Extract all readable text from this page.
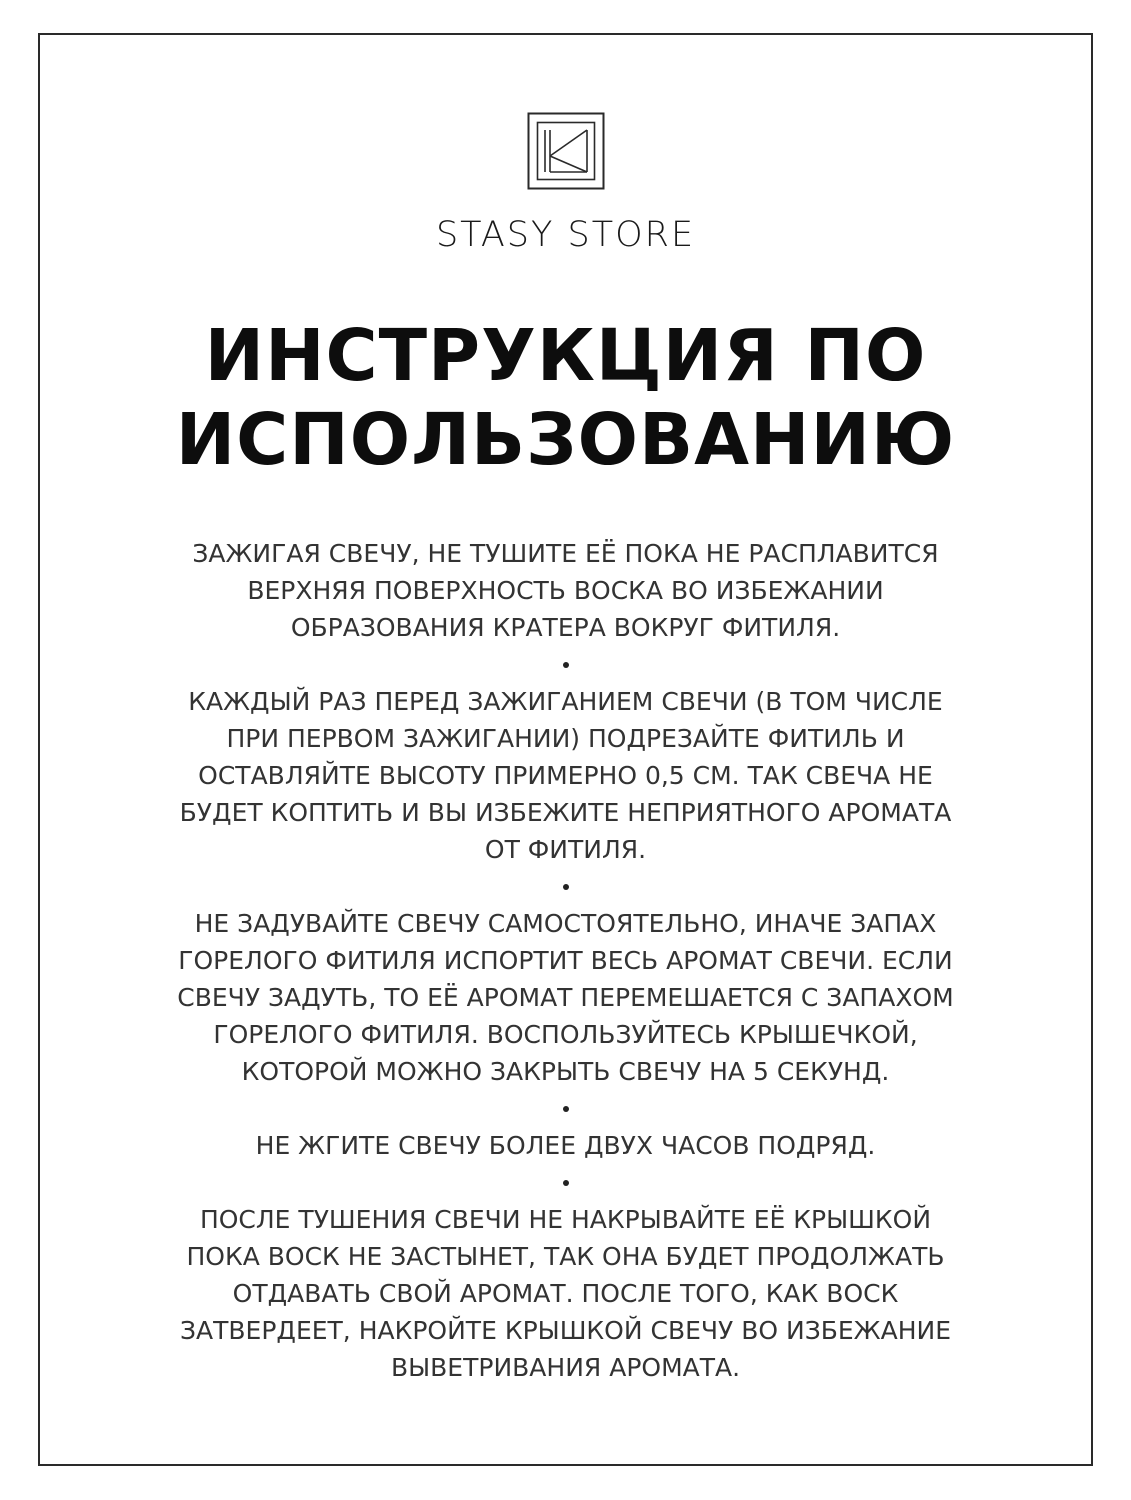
STASY STORE
ИНСТРУКЦИЯ ПО
ИСПОЛЬЗОВАНИЮ
ЗАЖИГАЯ СВЕЧУ, НЕ ТУШИТЕ ЕЁ ПОКА НЕ РАСПЛАВИТСЯ
ВЕРХНЯЯ ПОВЕРХНОСТЬ ВОСКА ВО ИЗБЕЖАНИИ
ОБРАЗОВАНИЯ КРАТЕРА ВОКРУГ ФИТИЛЯ.
КАЖДЫЙ РАЗ ПЕРЕД ЗАЖИГАНИЕМ СВЕЧИ (В ТОМ ЧИСЛЕ
ПРИ ПЕРВОМ ЗАЖИГАНИИ) ПОДРЕЗАЙТЕ ФИТИЛЬ И
ОСТАВЛЯЙТЕ ВЫСОТУ ПРИМЕРНО 0,5 СМ. ТАК СВЕЧА НЕ
БУДЕТ КОПТИТЬ И ВЫ ИЗБЕЖИТЕ НЕПРИЯТНОГО АРОМАТА
ОТ ФИТИЛЯ.
НЕ ЗАДУВАЙТЕ СВЕЧУ САМОСТОЯТЕЛЬНО, ИНАЧЕ ЗАПАХ
ГОРЕЛОГО ФИТИЛЯ ИСПОРТИТ ВЕСЬ АРОМАТ СВЕЧИ. ЕСЛИ
СВЕЧУ ЗАДУТЬ, ТО ЕЁ АРОМАТ ПЕРЕМЕШАЕТСЯ С ЗАПАХОМ
ГОРЕЛОГО ФИТИЛЯ. ВОСПОЛЬЗУЙТЕСЬ КРЫШЕЧКОЙ,
КОТОРОЙ МОЖНО ЗАКРЫТЬ СВЕЧУ НА 5 СЕКУНД.
НЕ ЖГИТЕ СВЕЧУ БОЛЕЕ ДВУХ ЧАСОВ ПОДРЯД.
ПОСЛЕ ТУШЕНИЯ СВЕЧИ НЕ НАКРЫВАЙТЕ ЕЁ КРЫШКОЙ
ПОКА ВОСК НЕ ЗАСТЫНЕТ, ТАК ОНА БУДЕТ ПРОДОЛЖАТЬ
ОТДАВАТЬ СВОЙ АРОМАТ. ПОСЛЕ ТОГО, КАК ВОСК
ЗАТВЕРДЕЕТ, НАКРОЙТЕ КРЫШКОЙ СВЕЧУ ВО ИЗБЕЖАНИЕ
ВЫВЕТРИВАНИЯ АРОМАТА.
